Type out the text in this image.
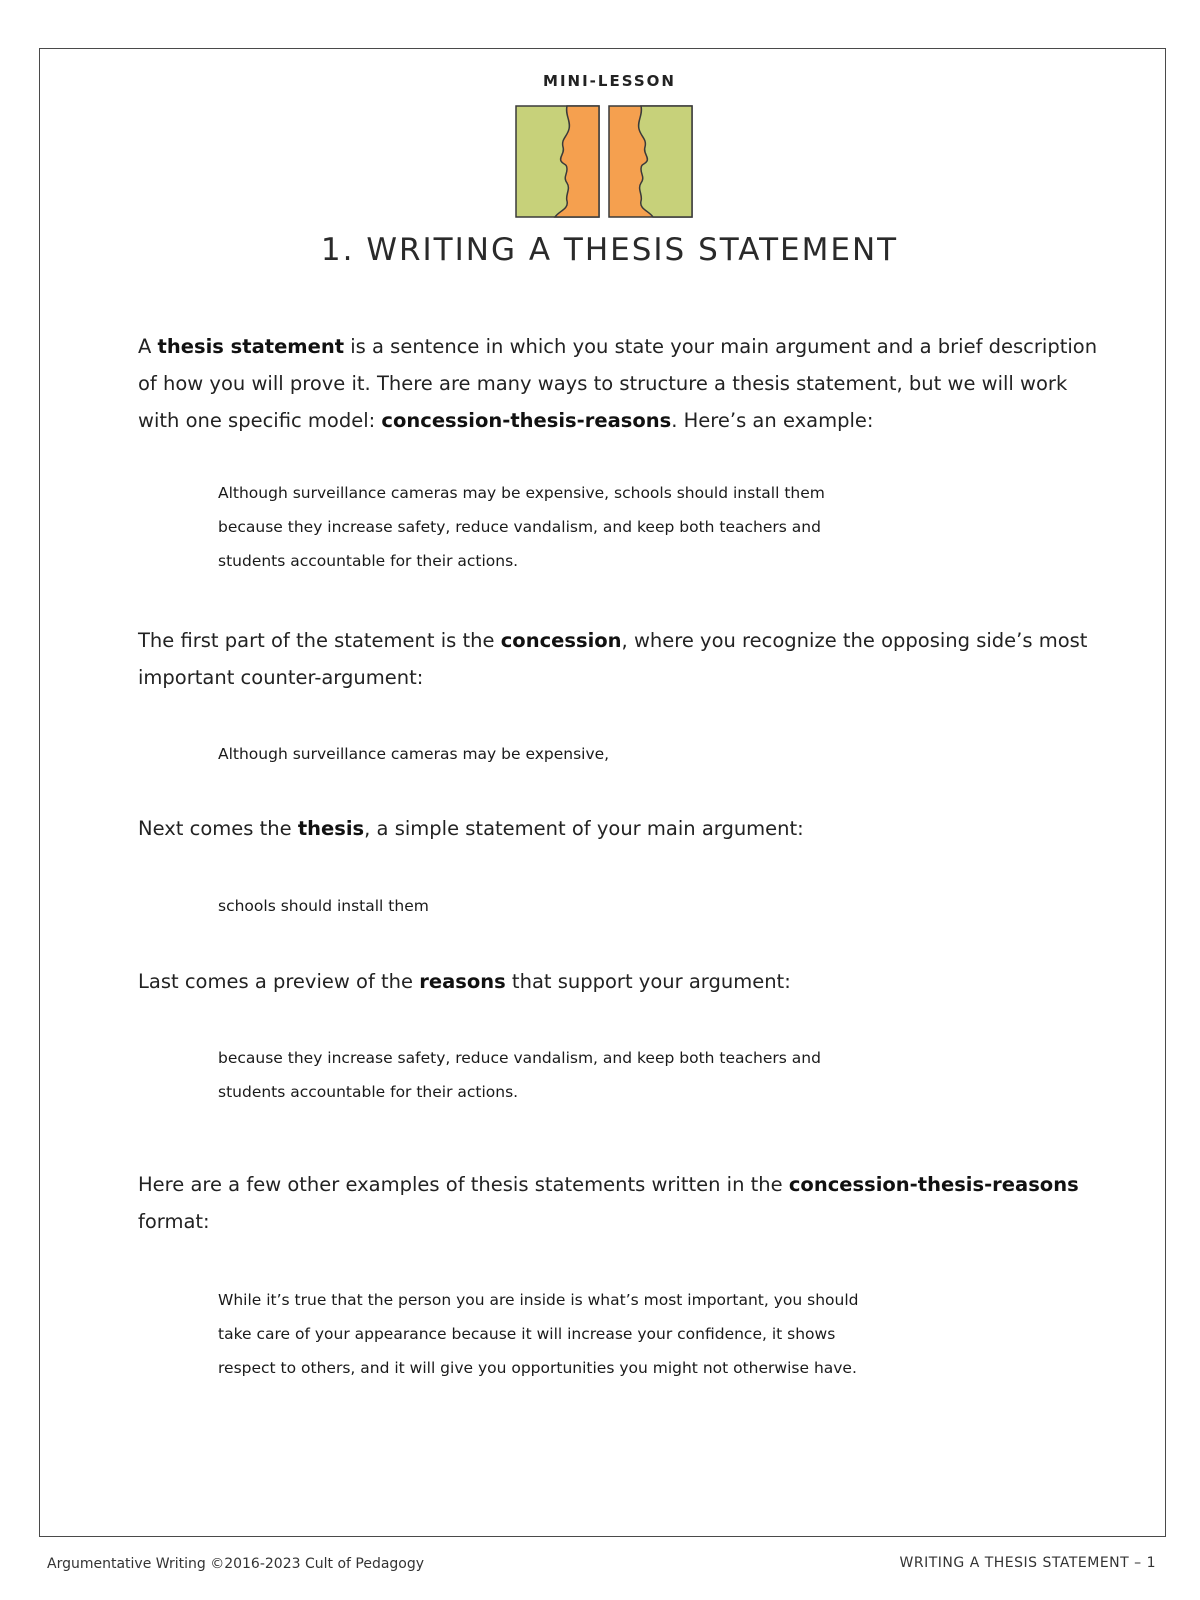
MINI-LESSON
1. WRITING A THESIS STATEMENT
A thesis statement is a sentence in which you state your main argument and a brief description of how you will prove it. There are many ways to structure a thesis statement, but we will work with one specific model: concession-thesis-reasons. Here’s an example:
Although surveillance cameras may be expensive, schools should install them
because they increase safety, reduce vandalism, and keep both teachers and
students accountable for their actions.
The first part of the statement is the concession, where you recognize the opposing side’s most important counter-argument:
Although surveillance cameras may be expensive,
Next comes the thesis, a simple statement of your main argument:
schools should install them
Last comes a preview of the reasons that support your argument:
because they increase safety, reduce vandalism, and keep both teachers and
students accountable for their actions.
Here are a few other examples of thesis statements written in the concession-thesis-reasons format:
While it’s true that the person you are inside is what’s most important, you should
take care of your appearance because it will increase your confidence, it shows
respect to others, and it will give you opportunities you might not otherwise have.
Argumentative Writing ©2016-2023 Cult of Pedagogy	WRITING A THESIS STATEMENT – 1
